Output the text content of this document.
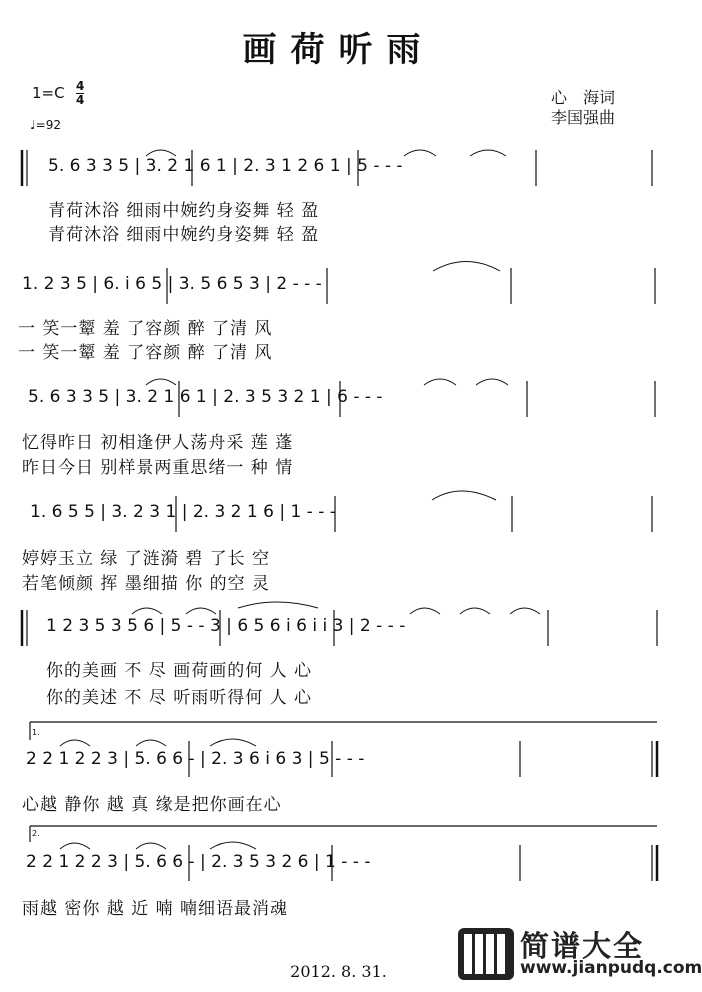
画荷听雨
1=C 4
4
♩=92
心　海词
李国强曲
5. 6 3 3 5 | 3. 2 1 6 1 | 2. 3 1 2 6 1 | 5 - - -
青荷沐浴 细雨中婉约身姿舞 轻 盈
青荷沐浴 细雨中婉约身姿舞 轻 盈
1. 2 3 5 | 6. i 6 5 | 3. 5 6 5 3 | 2 - - -
一 笑一颦 羞 了容颜 醉 了清 风
一 笑一颦 羞 了容颜 醉 了清 风
5. 6 3 3 5 | 3. 2 1 6 1 | 2. 3 5 3 2 1 | 6 - - -
忆得昨日 初相逢伊人荡舟采 莲 蓬
昨日今日 别样景两重思绪一 种 情
1. 6 5 5 | 3. 2 3 1 | 2. 3 2 1 6 | 1 - - -
婷婷玉立 绿 了涟漪 碧 了长 空
若笔倾颜 挥 墨细描 你 的空 灵
1 2 3 5 3 5 6 | 5 - - 3 | 6 5 6 i 6 i i 3 | 2 - - -
你的美画 不 尽 画荷画的何 人 心
你的美述 不 尽 听雨听得何 人 心
1.
2 2 1 2 2 3 | 5. 6 6 - | 2. 3 6 i 6 3 | 5 - - -
心越 静你 越 真 缘是把你画在心
2.
2 2 1 2 2 3 | 5. 6 6 - | 2. 3 5 3 2 6 | 1 - - -
雨越 密你 越 近 喃 喃细语最消魂
2012. 8. 31.
简谱大全
www.jianpudq.com
